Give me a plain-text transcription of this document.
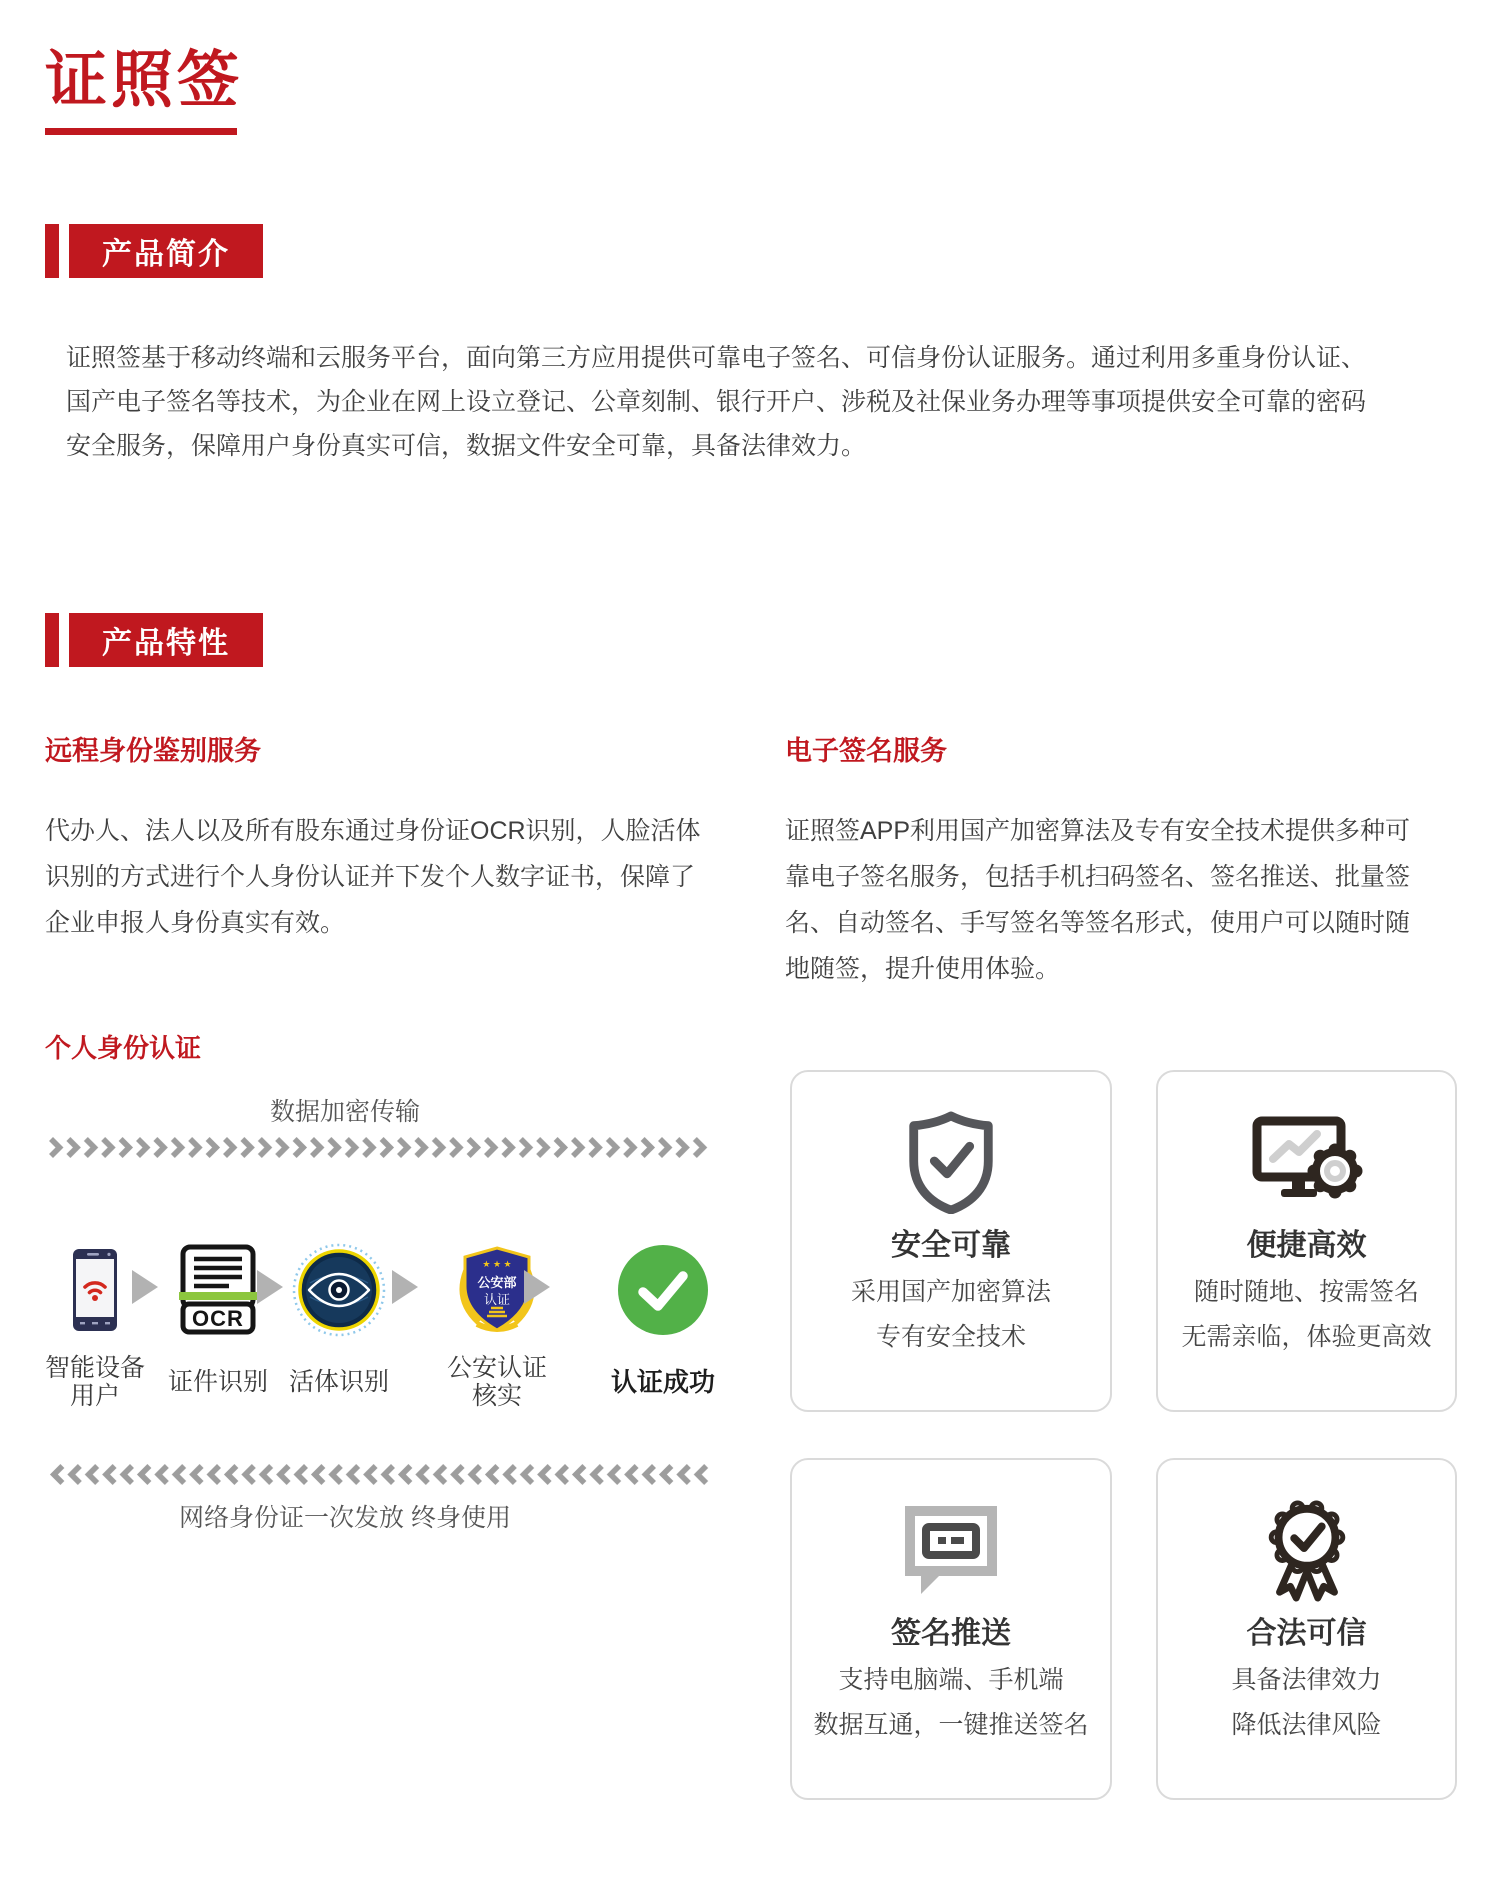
证照签
产品简介
证照签基于移动终端和云服务平台，面向第三方应用提供可靠电子签名、可信身份认证服务。通过利用多重身份认证、
国产电子签名等技术，为企业在网上设立登记、公章刻制、银行开户、涉税及社保业务办理等事项提供安全可靠的密码
安全服务，保障用户身份真实可信，数据文件安全可靠，具备法律效力。
产品特性
远程身份鉴别服务
代办人、法人以及所有股东通过身份证OCR识别，人脸活体
识别的方式进行个人身份认证并下发个人数字证书，保障了
企业申报人身份真实有效。
电子签名服务
证照签APP利用国产加密算法及专有安全技术提供多种可
靠电子签名服务，包括手机扫码签名、签名推送、批量签
名、自动签名、手写签名等签名形式，使用户可以随时随
地随签，提升使用体验。
个人身份认证
数据加密传输
智能设备
用户
OCR
证件识别 活体识别
★ ★ ★
公安部
认证
公安认证
核实	认证成功
网络身份证一次发放 终身使用
安全可靠
采用国产加密算法
专有安全技术
便捷高效
随时随地、按需签名
无需亲临，体验更高效
签名推送
支持电脑端、手机端
数据互通，一键推送签名
合法可信
具备法律效力
降低法律风险
